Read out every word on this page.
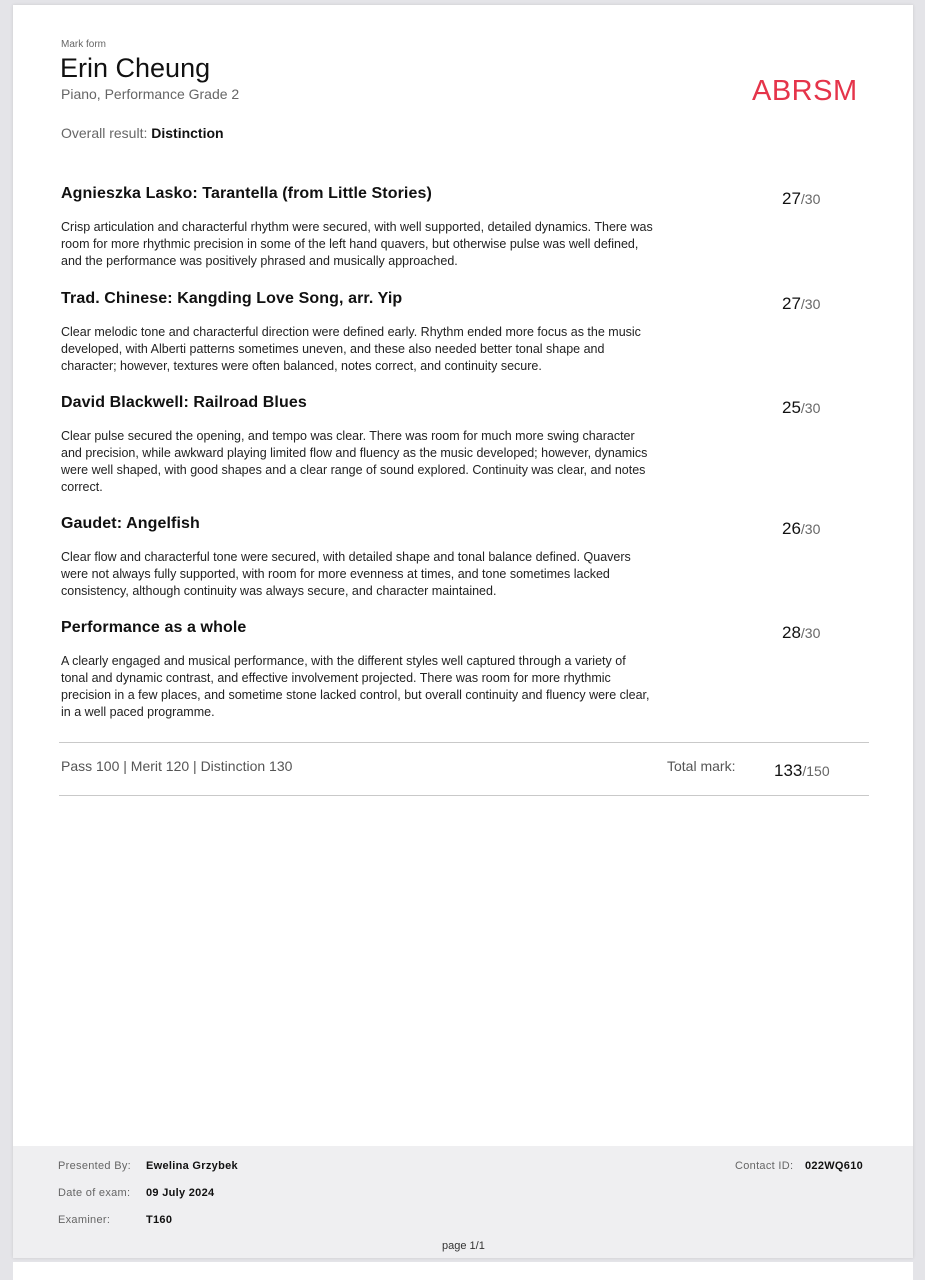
Mark form
Erin Cheung
Piano, Performance Grade 2	ABRSM
Overall result: Distinction
Agnieszka Lasko: Tarantella (from Little Stories)	27/30
Crisp articulation and characterful rhythm were secured, with well supported, detailed dynamics. There was room for more rhythmic precision in some of the left hand quavers, but otherwise pulse was well defined, and the performance was positively phrased and musically approached.
Trad. Chinese: Kangding Love Song, arr. Yip	27/30
Clear melodic tone and characterful direction were defined early. Rhythm ended more focus as the music developed, with Alberti patterns sometimes uneven, and these also needed better tonal shape and character; however, textures were often balanced, notes correct, and continuity secure.
David Blackwell: Railroad Blues	25/30
Clear pulse secured the opening, and tempo was clear. There was room for much more swing character and precision, while awkward playing limited flow and fluency as the music developed; however, dynamics were well shaped, with good shapes and a clear range of sound explored. Continuity was clear, and notes correct.
Gaudet: Angelfish	26/30
Clear flow and characterful tone were secured, with detailed shape and tonal balance defined. Quavers were not always fully supported, with room for more evenness at times, and tone sometimes lacked consistency, although continuity was always secure, and character maintained.
Performance as a whole	28/30
A clearly engaged and musical performance, with the different styles well captured through a variety of tonal and dynamic contrast, and effective involvement projected. There was room for more rhythmic precision in a few places, and sometime stone lacked control, but overall continuity and fluency were clear, in a well paced programme.
Pass 100 | Merit 120 | Distinction 130	Total mark: 133/150
Presented By: Ewelina Grzybek
Date of exam: 09 July 2024
Examiner:	T160
Contact ID: 022WQ610
page 1/1
